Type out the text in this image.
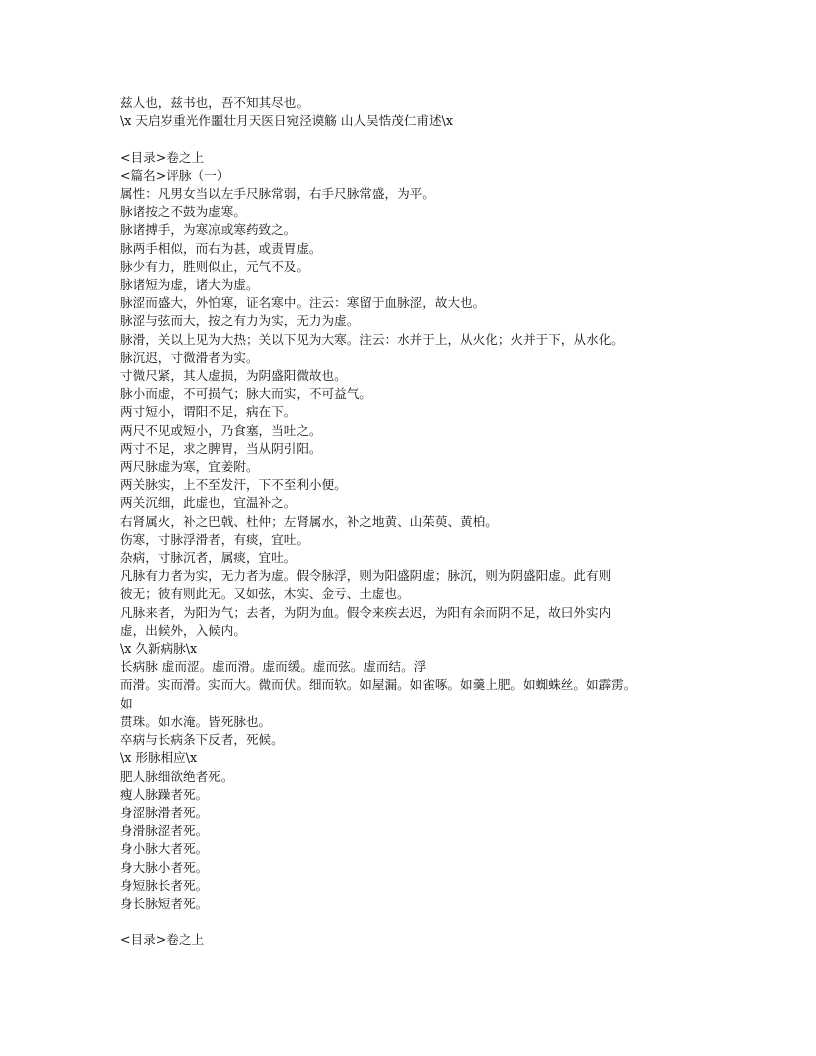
兹人也，兹书也，吾不知其尽也。
\x 天启岁重光作噩壮月天医日宛泾谟觞 山人吴悎茂仁甫述\x
<目录>卷之上
<篇名>评脉（一）
属性：凡男女当以左手尺脉常弱，右手尺脉常盛，为平。
脉诸按之不鼓为虚寒。
脉诸搏手，为寒凉或寒药致之。
脉两手相似，而右为甚，或责胃虚。
脉少有力，胜则似止，元气不及。
脉诸短为虚，诸大为虚。
脉涩而盛大，外怕寒，证名寒中。注云：寒留于血脉涩，故大也。
脉涩与弦而大，按之有力为实，无力为虚。
脉滑，关以上见为大热；关以下见为大寒。注云：水并于上，从火化；火并于下，从水化。
脉沉迟，寸微滑者为实。
寸微尺紧，其人虚损，为阴盛阳微故也。
脉小而虚，不可损气；脉大而实，不可益气。
两寸短小，谓阳不足，病在下。
两尺不见或短小，乃食塞，当吐之。
两寸不足，求之脾胃，当从阴引阳。
两尺脉虚为寒，宜姜附。
两关脉实，上不至发汗，下不至利小便。
两关沉细，此虚也，宜温补之。
右肾属火，补之巴戟、杜仲；左肾属水，补之地黄、山茱萸、黄柏。
伤寒，寸脉浮滑者，有痰，宜吐。
杂病，寸脉沉者，属痰，宜吐。
凡脉有力者为实，无力者为虚。假令脉浮，则为阳盛阴虚；脉沉，则为阴盛阳虚。此有则
彼无；彼有则此无。又如弦，木实、金亏、土虚也。
凡脉来者，为阳为气；去者，为阴为血。假令来疾去迟，为阳有余而阴不足，故曰外实内
虚，出候外，入候内。
\x 久新病脉\x
长病脉 虚而涩。虚而滑。虚而缓。虚而弦。虚而结。浮
而滑。实而滑。实而大。微而伏。细而软。如屋漏。如雀啄。如羹上肥。如蜘蛛丝。如霹雳。
如
贯珠。如水淹。皆死脉也。
卒病与长病条下反者，死候。
\x 形脉相应\x
肥人脉细欲绝者死。
瘦人脉躁者死。
身涩脉滑者死。
身滑脉涩者死。
身小脉大者死。
身大脉小者死。
身短脉长者死。
身长脉短者死。
<目录>卷之上
